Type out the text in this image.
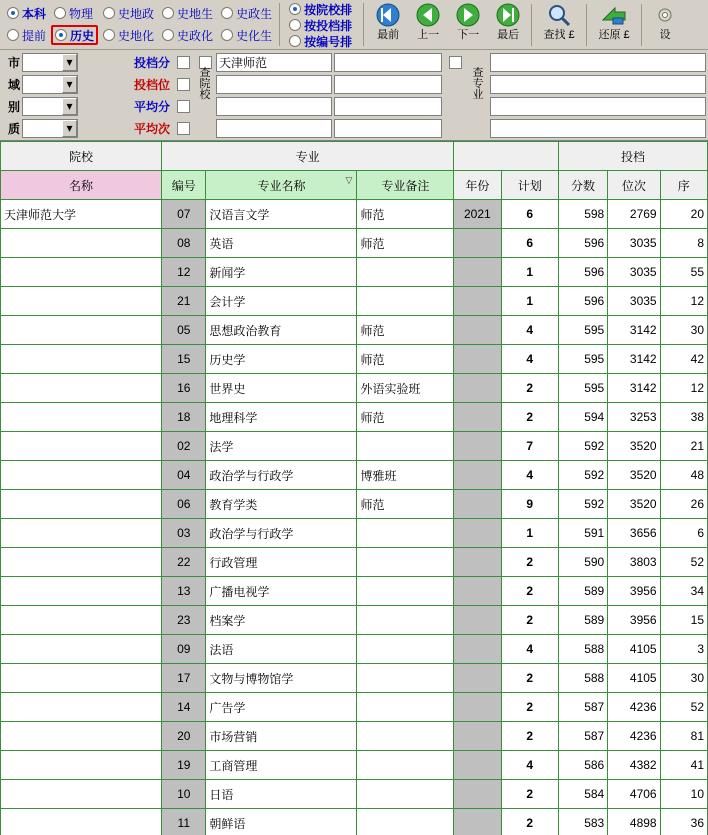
本科 物理 史地政 史地生 史政生
提前 历史 史地化 史政化 史化生
按院校排
按投档排
按编号排 最前 上一 下一 最后 查找 £ 还原 £	设
市	▾	投档分	天津师范
域	▾	投档位
查院校
查专业
别	▾	平均分
质	▾	平均次
院校	专业					投档		
名称	编号	专业名称 ▽	专业备注	年份	计划	分数	位次	序
天津师范大学	07	汉语言文学	师范	2021	6	598	2769	20
	08	英语	师范		6	596	3035	8
	12	新闻学			1	596	3035	55
	21	会计学			1	596	3035	12
	05	思想政治教育	师范		4	595	3142	30
	15	历史学	师范		4	595	3142	42
	16	世界史	外语实验班		2	595	3142	12
	18	地理科学	师范		2	594	3253	38
	02	法学			7	592	3520	21
	04	政治学与行政学	博雅班		4	592	3520	48
	06	教育学类	师范		9	592	3520	26
	03	政治学与行政学			1	591	3656	6
	22	行政管理			2	590	3803	52
	13	广播电视学			2	589	3956	34
	23	档案学			2	589	3956	15
	09	法语			4	588	4105	3
	17	文物与博物馆学			2	588	4105	30
	14	广告学			2	587	4236	52
	20	市场营销			2	587	4236	81
	19	工商管理			4	586	4382	41
	10	日语			2	584	4706	10
	11	朝鲜语			2	583	4898	36
